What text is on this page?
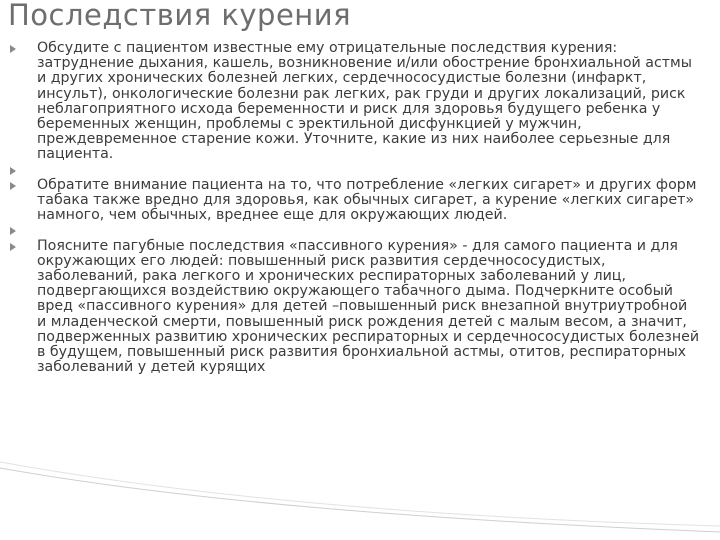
Последствия курения
Обсудите с пациентом известные ему отрицательные последствия курения: затруднение дыхания, кашель, возникновение и/или обострение бронхиальной астмы и других хронических болезней легких, сердечнососудистые болезни (инфаркт, инсульт), онкологические болезни рак легких, рак груди и других локализаций, риск неблагоприятного исхода беременности и риск для здоровья будущего ребенка у беременных женщин, проблемы с эректильной дисфункцией у мужчин, преждевременное старение кожи. Уточните, какие из них наиболее серьезные для пациента.
Обратите внимание пациента на то, что потребление «легких сигарет» и других форм табака также вредно для здоровья, как обычных сигарет, а курение «легких сигарет» намного, чем обычных, вреднее еще для окружающих людей.
Поясните пагубные последствия «пассивного курения» - для самого пациента и для окружающих его людей: повышенный риск развития сердечнососудистых, заболеваний, рака легкого и хронических респираторных заболеваний у лиц, подвергающихся воздействию окружающего табачного дыма. Подчеркните особый вред «пассивного курения» для детей –повышенный риск внезапной внутриутробной и младенческой смерти, повышенный риск рождения детей с малым весом, а значит, подверженных развитию хронических респираторных и сердечнососудистых болезней в будущем, повышенный риск развития бронхиальной астмы, отитов, респираторных заболеваний у детей курящих
